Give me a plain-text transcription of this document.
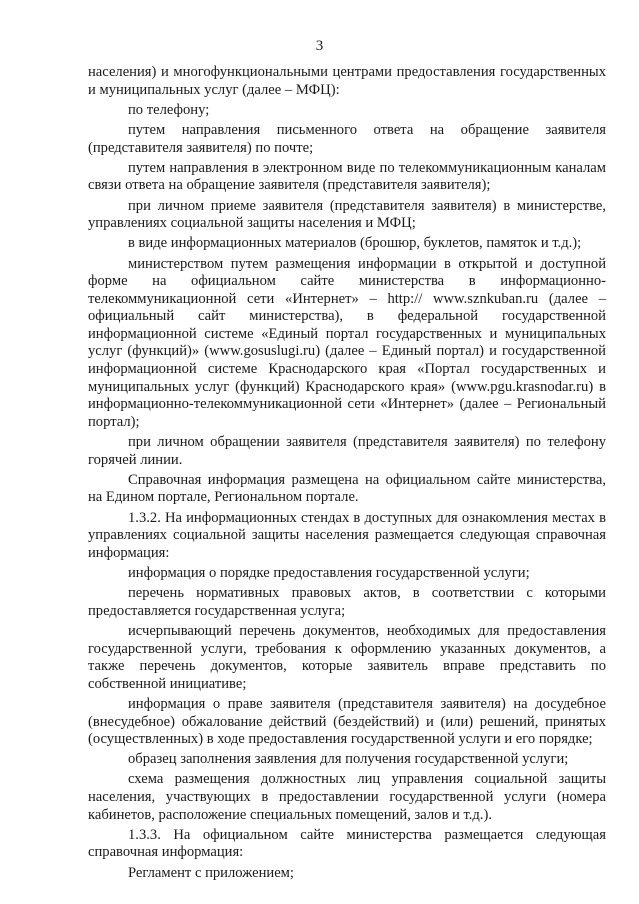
3

населения) и многофункциональными центрами предоставления государственных и муниципальных услуг (далее – МФЦ):

по телефону;

путем направления письменного ответа на обращение заявителя (представителя заявителя) по почте;

путем направления в электронном виде по телекоммуникационным каналам связи ответа на обращение заявителя (представителя заявителя);

при личном приеме заявителя (представителя заявителя) в министерстве, управлениях социальной защиты населения и МФЦ;

в виде информационных материалов (брошюр, буклетов, памяток и т.д.);

министерством путем размещения информации в открытой и доступной форме на официальном сайте министерства в информационно-телекоммуникационной сети «Интернет» – http:// www.sznkuban.ru (далее – официальный сайт министерства), в федеральной государственной информационной системе «Единый портал государственных и муниципальных услуг (функций)» (www.gosuslugi.ru) (далее – Единый портал) и государственной информационной системе Краснодарского края «Портал государственных и муниципальных услуг (функций) Краснодарского края» (www.pgu.krasnodar.ru) в информационно-телекоммуникационной сети «Интернет» (далее – Региональный портал);

при личном обращении заявителя (представителя заявителя) по телефону горячей линии.

Справочная информация размещена на официальном сайте министерства, на Едином портале, Региональном портале.

1.3.2. На информационных стендах в доступных для ознакомления местах в управлениях социальной защиты населения размещается следующая справочная информация:

информация о порядке предоставления государственной услуги;

перечень нормативных правовых актов, в соответствии с которыми предоставляется государственная услуга;

исчерпывающий перечень документов, необходимых для предоставления государственной услуги, требования к оформлению указанных документов, а также перечень документов, которые заявитель вправе представить по собственной инициативе;

информация о праве заявителя (представителя заявителя) на досудебное (внесудебное) обжалование действий (бездействий) и (или) решений, принятых (осуществленных) в ходе предоставления государственной услуги и его порядке;

образец заполнения заявления для получения государственной услуги;

схема размещения должностных лиц управления социальной защиты населения, участвующих в предоставлении государственной услуги (номера кабинетов, расположение специальных помещений, залов и т.д.).

1.3.3. На официальном сайте министерства размещается следующая справочная информация:

Регламент с приложением;
